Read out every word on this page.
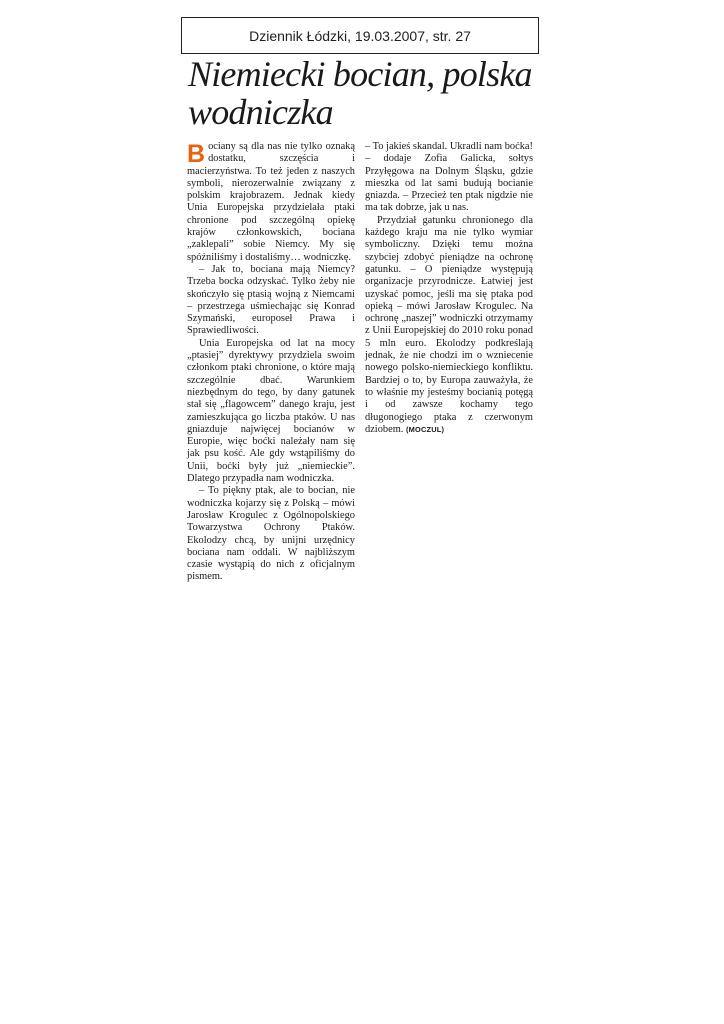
Dziennik Łódzki, 19.03.2007, str. 27
Niemiecki bocian, polska wodniczka

Bociany są dla nas nie tylko oznaką dostatku, szczęścia i macierzyństwa. To też jeden z naszych symboli, nierozerwalnie związany z polskim krajobrazem. Jednak kiedy Unia Europejska przydzielała ptaki chronione pod szczególną opiekę krajów członkowskich, bociana „zaklepali” sobie Niemcy. My się spóźniliśmy i dostaliśmy… wodniczkę.

– Jak to, bociana mają Niemcy? Trzeba bocka odzyskać. Tylko żeby nie skończyło się ptasią wojną z Niemcami – przestrzega uśmiechając się Konrad Szymański, europoseł Prawa i Sprawiedliwości.

Unia Europejska od lat na mocy „ptasiej” dyrektywy przydziela swoim członkom ptaki chronione, o które mają szczególnie dbać. Warunkiem niezbędnym do tego, by dany gatunek stał się „flagowcem” danego kraju, jest zamieszkująca go liczba ptaków. U nas gniazduje najwięcej bocianów w Europie, więc boćki należały nam się jak psu kość. Ale gdy wstąpiliśmy do Unii, boćki były już „niemieckie”. Dlatego przypadła nam wodniczka.

– To piękny ptak, ale to bocian, nie wodniczka kojarzy się z Polską – mówi Jarosław Krogulec z Ogólnopolskiego Towarzystwa Ochrony Ptaków. Ekolodzy chcą, by unijni urzędnicy bociana nam oddali. W najbliższym czasie wystąpią do nich z oficjalnym pismem.

– To jakieś skandal. Ukradli nam boćka! – dodaje Zofia Galicka, sołtys Przyłęgowa na Dolnym Śląsku, gdzie mieszka od lat sami budują bocianie gniazda. – Przecież ten ptak nigdzie nie ma tak dobrze, jak u nas.

Przydział gatunku chronionego dla każdego kraju ma nie tylko wymiar symboliczny. Dzięki temu można szybciej zdobyć pieniądze na ochronę gatunku. – O pieniądze występują organizacje przyrodnicze. Łatwiej jest uzyskać pomoc, jeśli ma się ptaka pod opieką – mówi Jarosław Krogulec. Na ochronę „naszej” wodniczki otrzymamy z Unii Europejskiej do 2010 roku ponad 5 mln euro. Ekolodzy podkreślają jednak, że nie chodzi im o wzniecenie nowego polsko-niemieckiego konfliktu. Bardziej o to, by Europa zauważyła, że to właśnie my jesteśmy bocianią potęgą i od zawsze kochamy tego długonogiego ptaka z czerwonym dziobem. (MOCZUL)
